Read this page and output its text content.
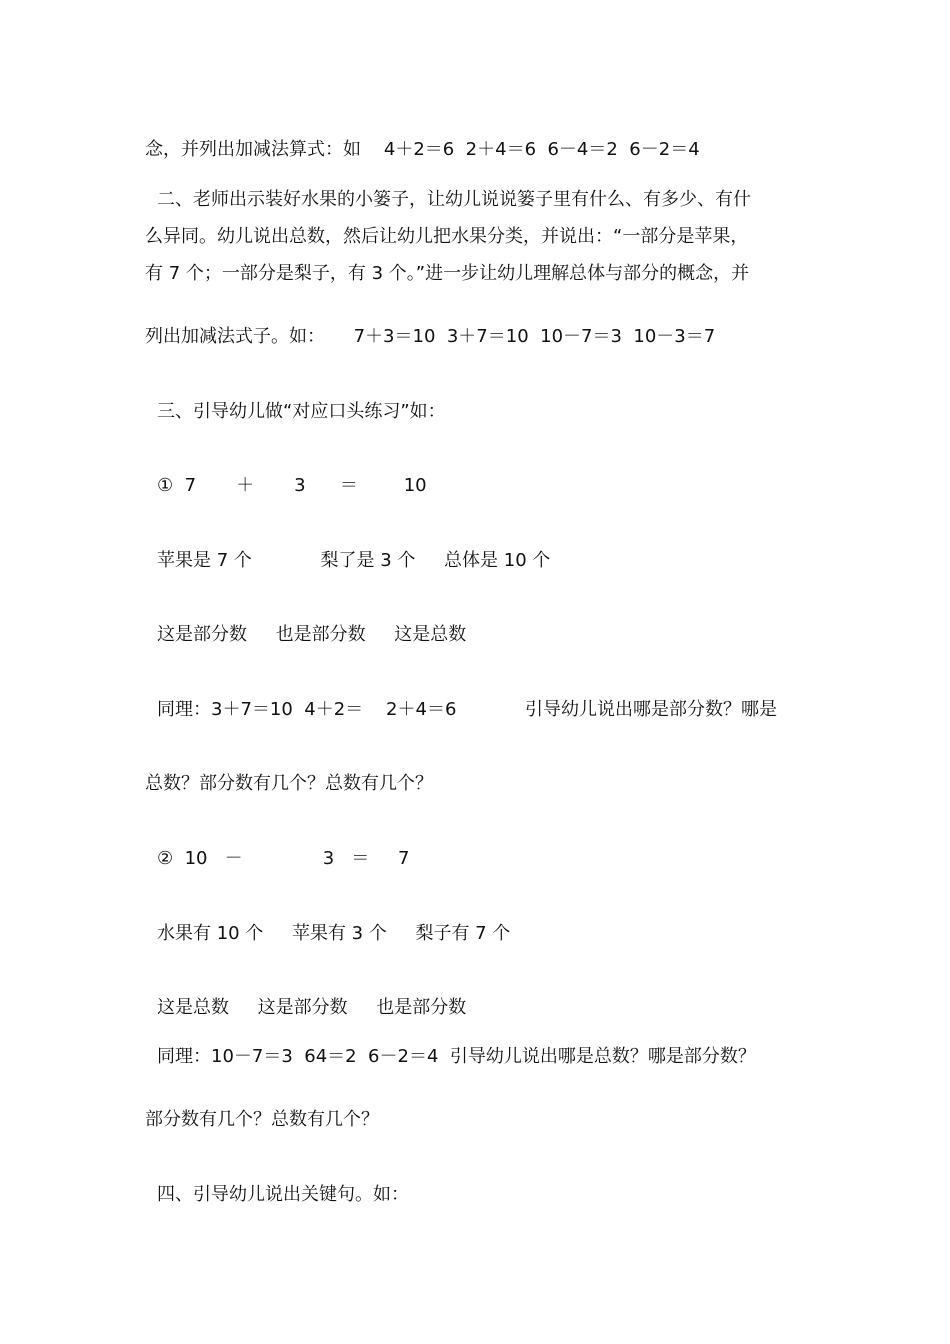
念，并列出加减法算式：如    4＋2＝6  2＋4＝6  6－4＝2  6－2＝4

二、老师出示装好水果的小篓子，让幼儿说说篓子里有什么、有多少、有什

么异同。幼儿说出总数，然后让幼儿把水果分类，并说出：“一部分是苹果，

有 7 个；一部分是梨子，有 3 个。”进一步让幼儿理解总体与部分的概念，并

列出加减法式子。如：     7＋3＝10  3＋7＝10  10－7＝3  10－3＝7

三、引导幼儿做“对应口头练习”如：

①  7       ＋       3      ＝        10

苹果是 7 个            梨了是 3 个     总体是 10 个

这是部分数     也是部分数     这是总数

同理：3＋7＝10  4＋2＝    2＋4＝6            引导幼儿说出哪是部分数？哪是

总数？部分数有几个？总数有几个？

②  10   －              3   ＝     7

水果有 10 个     苹果有 3 个     梨子有 7 个

这是总数     这是部分数     也是部分数

同理：10－7＝3  64＝2  6－2＝4  引导幼儿说出哪是总数？哪是部分数？

部分数有几个？总数有几个？

四、引导幼儿说出关键句。如：
